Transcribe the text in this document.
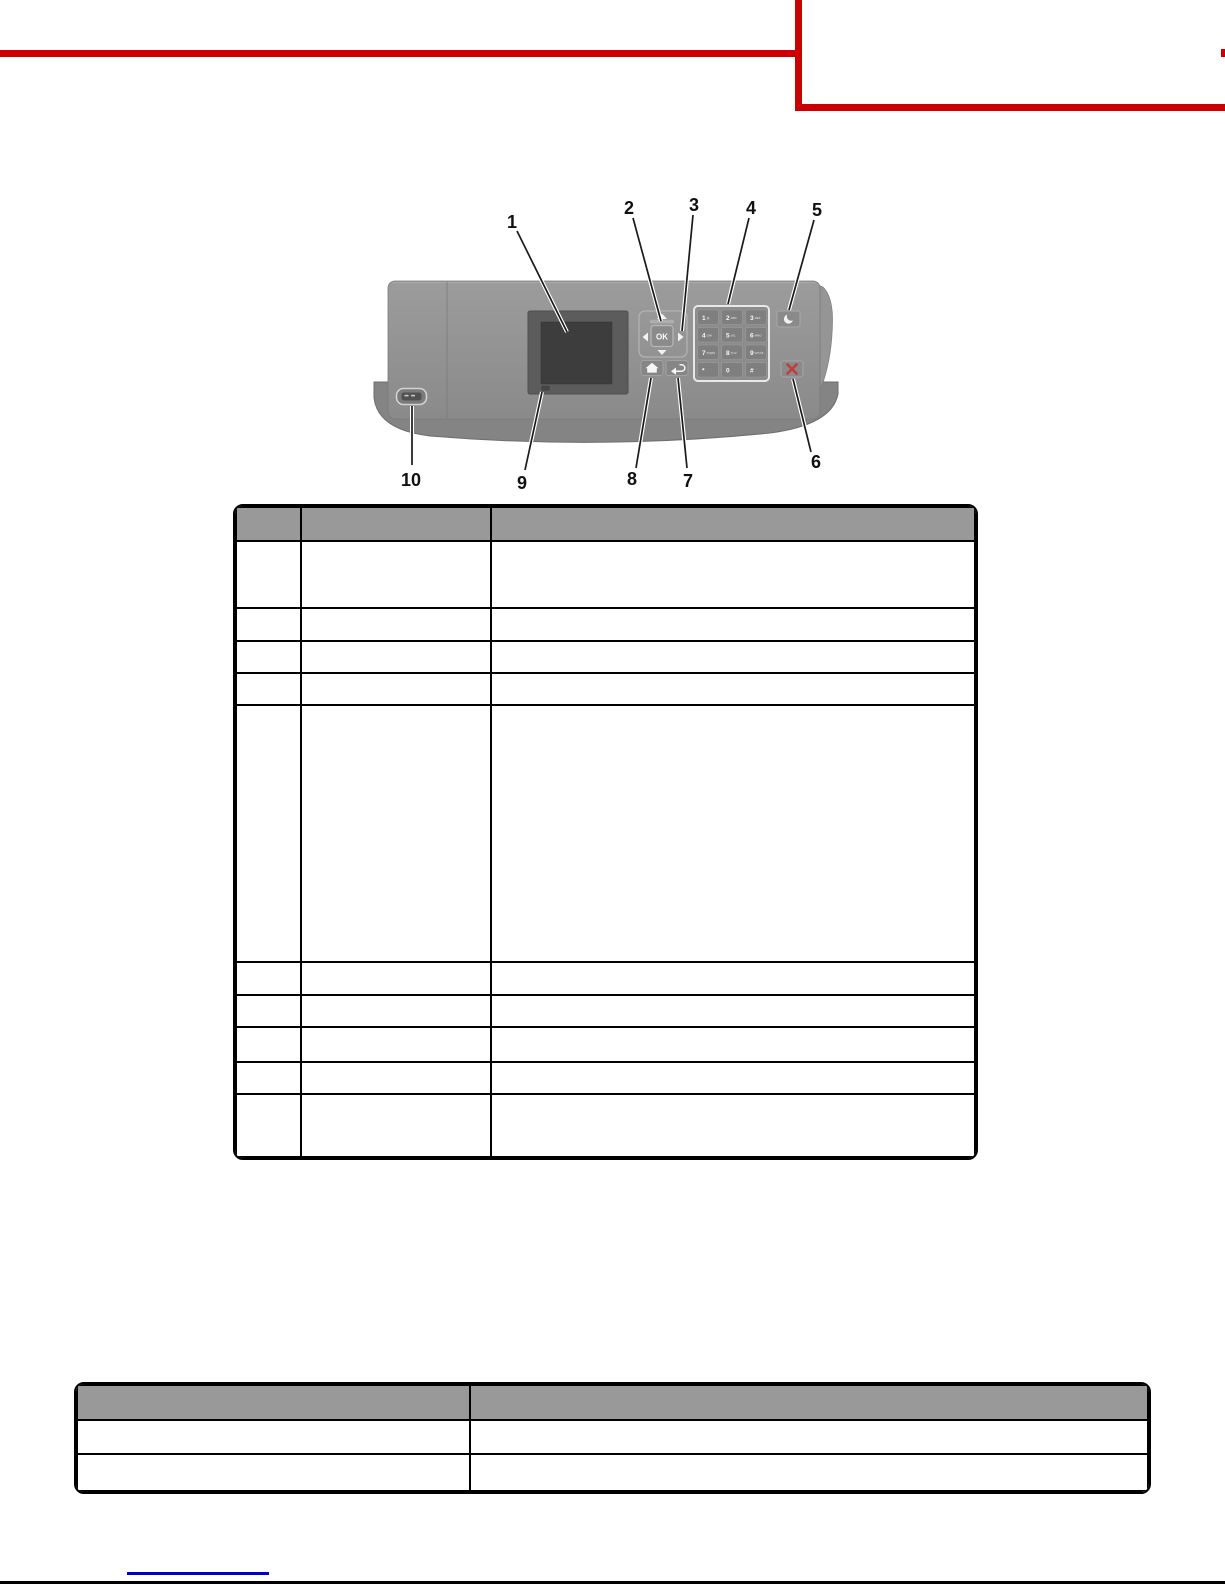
OK
1@	2ABC 3DEF
4GHI 5JKL 6MNO
7PQRS 8TUV 9WXYZ
*	0	#
1
2	3	4	5
6
7
8
9
10
